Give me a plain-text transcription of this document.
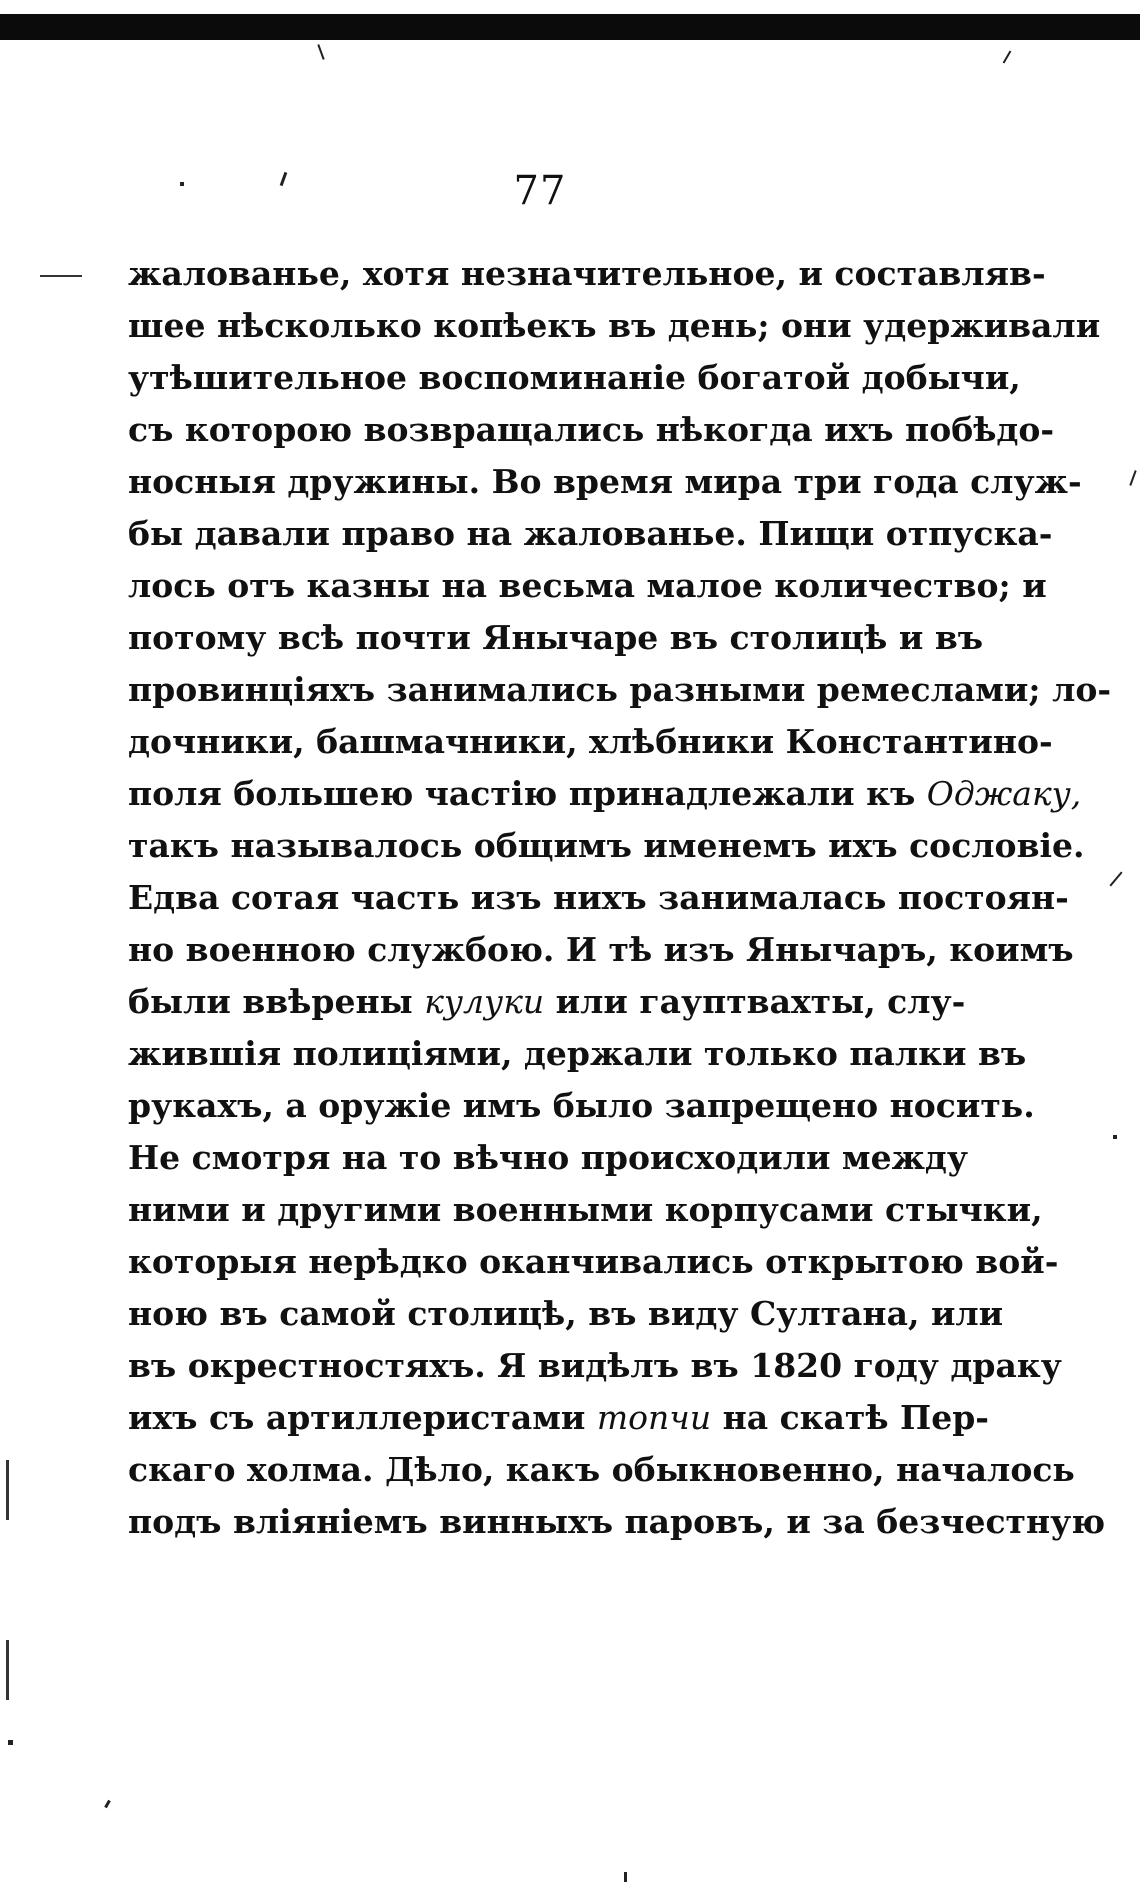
77
жалованье, хотя незначительное, и составляв-
шее нѣсколько копѣекъ въ день; они удерживали
утѣшительное воспоминаніе богатой добычи,
съ которою возвращались нѣкогда ихъ побѣдо-
носныя дружины. Во время мира три года служ-
бы давали право на жалованье. Пищи отпуска-
лось отъ казны на весьма малое количество; и
потому всѣ почти Янычаре въ столицѣ и въ
провинціяхъ занимались разными ремеслами; ло-
дочники, башмачники, хлѣбники Константино-
поля большею частію принадлежали къ Оджаку,
такъ называлось общимъ именемъ ихъ сословіе.
Едва сотая часть изъ нихъ занималась постоян-
но военною службою. И тѣ изъ Янычаръ, коимъ
были ввѣрены кулуки или гауптвахты, слу-
жившія полиціями, держали только палки въ
рукахъ, а оружіе имъ было запрещено носить.
Не смотря на то вѣчно происходили между
ними и другими военными корпусами стычки,
которыя нерѣдко оканчивались открытою вой-
ною въ самой столицѣ, въ виду Султана, или
въ окрестностяхъ. Я видѣлъ въ 1820 году драку
ихъ съ артиллеристами топчи на скатѣ Пер-
скаго холма. Дѣло, какъ обыкновенно, началось
подъ вліяніемъ винныхъ паровъ, и за безчестную
